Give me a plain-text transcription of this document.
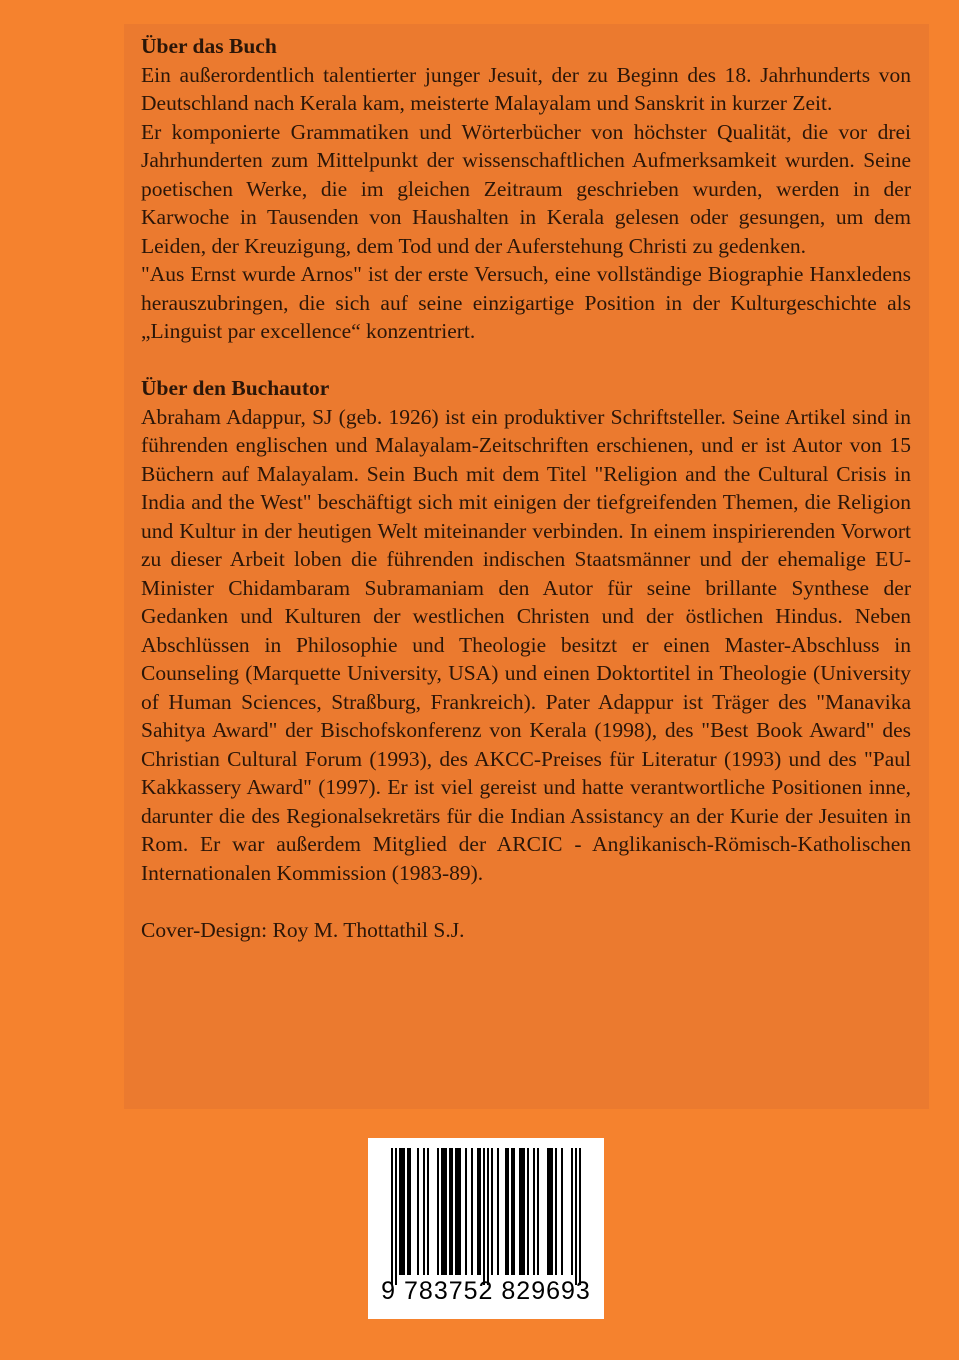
Über das Buch

Ein außerordentlich talentierter junger Jesuit, der zu Beginn des 18. Jahrhunderts von Deutschland nach Kerala kam, meisterte Malayalam und Sanskrit in kurzer Zeit.

Er komponierte Grammatiken und Wörterbücher von höchster Qualität, die vor drei Jahrhunderten zum Mittelpunkt der wissenschaftlichen Aufmerksamkeit wurden. Seine poetischen Werke, die im gleichen Zeitraum geschrieben wurden, werden in der Karwoche in Tausenden von Haushalten in Kerala gelesen oder gesungen, um dem Leiden, der Kreuzigung, dem Tod und der Auferstehung Christi zu gedenken.

"Aus Ernst wurde Arnos" ist der erste Versuch, eine vollständige Biographie Hanxledens herauszubringen, die sich auf seine einzigartige Position in der Kulturgeschichte als „Linguist par excellence“ konzentriert.

Über den Buchautor

Abraham Adappur, SJ (geb. 1926) ist ein produktiver Schriftsteller. Seine Artikel sind in führenden englischen und Malayalam-Zeitschriften erschienen, und er ist Autor von 15 Büchern auf Malayalam. Sein Buch mit dem Titel "Religion and the Cultural Crisis in India and the West" beschäftigt sich mit einigen der tiefgreifenden Themen, die Religion und Kultur in der heutigen Welt miteinander verbinden. In einem inspirierenden Vorwort zu dieser Arbeit loben die führenden indischen Staatsmänner und der ehemalige EU-Minister Chidambaram Subramaniam den Autor für seine brillante Synthese der Gedanken und Kulturen der westlichen Christen und der östlichen Hindus. Neben Abschlüssen in Philosophie und Theologie besitzt er einen Master-Abschluss in Counseling (Marquette University, USA) und einen Doktortitel in Theologie (University of Human Sciences, Straßburg, Frankreich). Pater Adappur ist Träger des "Manavika Sahitya Award" der Bischofskonferenz von Kerala (1998), des "Best Book Award" des Christian Cultural Forum (1993), des AKCC-Preises für Literatur (1993) und des "Paul Kakkassery Award" (1997). Er ist viel gereist und hatte verantwortliche Positionen inne, darunter die des Regionalsekretärs für die Indian Assistancy an der Kurie der Jesuiten in Rom. Er war außerdem Mitglied der ARCIC - Anglikanisch-Römisch-Katholischen Internationalen Kommission (1983-89).

Cover-Design: Roy M. Thottathil S.J.

9 783752 829693
